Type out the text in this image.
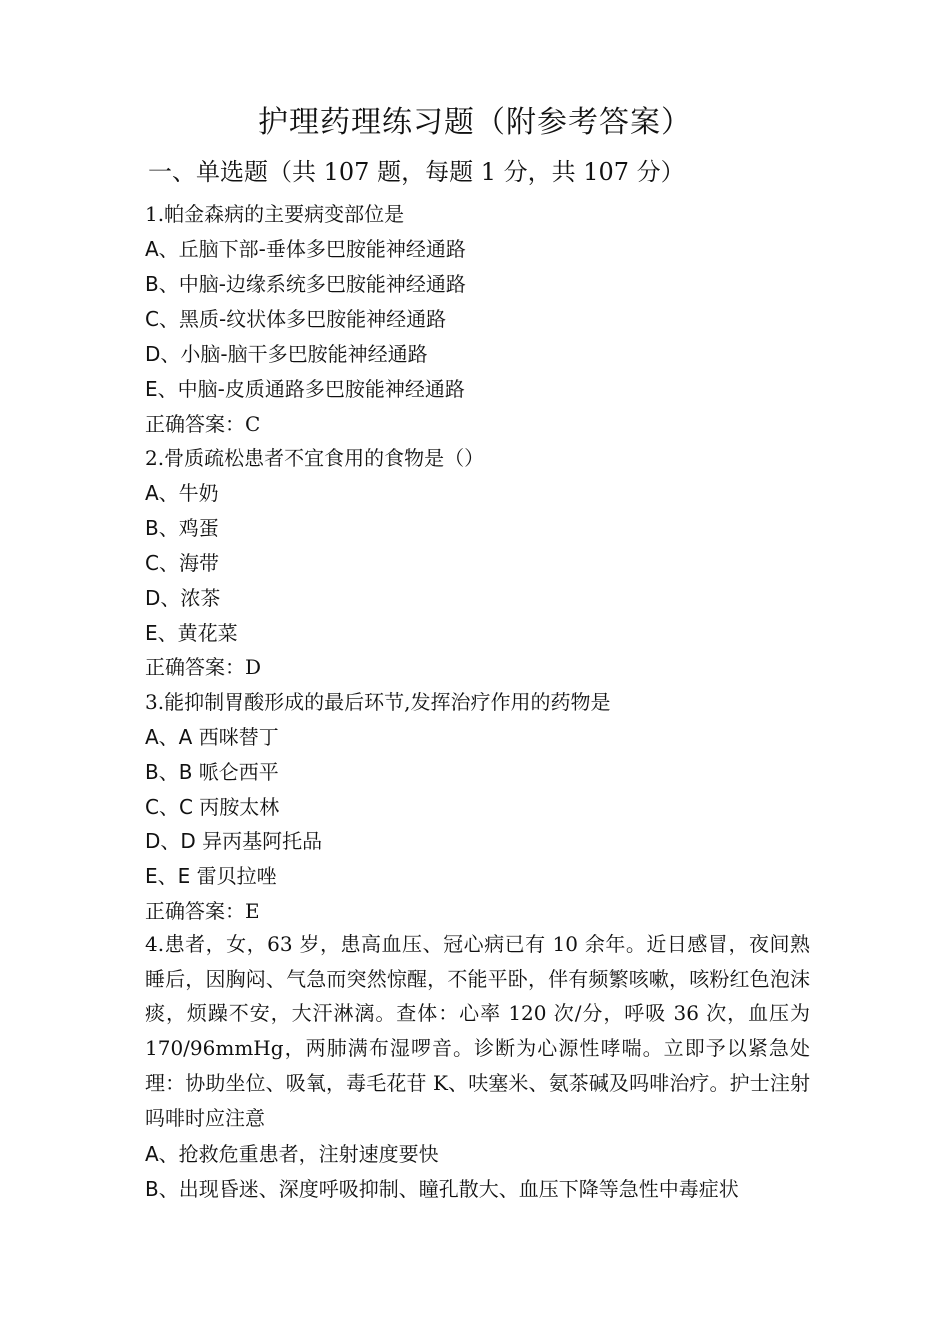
护理药理练习题（附参考答案）
一、单选题（共 107 题，每题 1 分，共 107 分）
1.帕金森病的主要病变部位是
A、丘脑下部-垂体多巴胺能神经通路
B、中脑-边缘系统多巴胺能神经通路
C、黑质-纹状体多巴胺能神经通路
D、小脑-脑干多巴胺能神经通路
E、中脑-皮质通路多巴胺能神经通路
正确答案：C
2.骨质疏松患者不宜食用的食物是（）
A、牛奶
B、鸡蛋
C、海带
D、浓茶
E、黄花菜
正确答案：D
3.能抑制胃酸形成的最后环节,发挥治疗作用的药物是
A、A 西咪替丁
B、B 哌仑西平
C、C 丙胺太林
D、D 异丙基阿托品
E、E 雷贝拉唑
正确答案：E
4.患者，女，63 岁，患高血压、冠心病已有 10 余年。近日感冒，夜间熟睡后，因胸闷、气急而突然惊醒，不能平卧，伴有频繁咳嗽，咳粉红色泡沫痰，烦躁不安，大汗淋漓。查体：心率 120 次/分，呼吸 36 次，血压为 170/96mmHg，两肺满布湿啰音。诊断为心源性哮喘。立即予以紧急处理：协助坐位、吸氧，毒毛花苷 K、呋塞米、氨茶碱及吗啡治疗。护士注射吗啡时应注意
A、抢救危重患者，注射速度要快
B、出现昏迷、深度呼吸抑制、瞳孔散大、血压下降等急性中毒症状
